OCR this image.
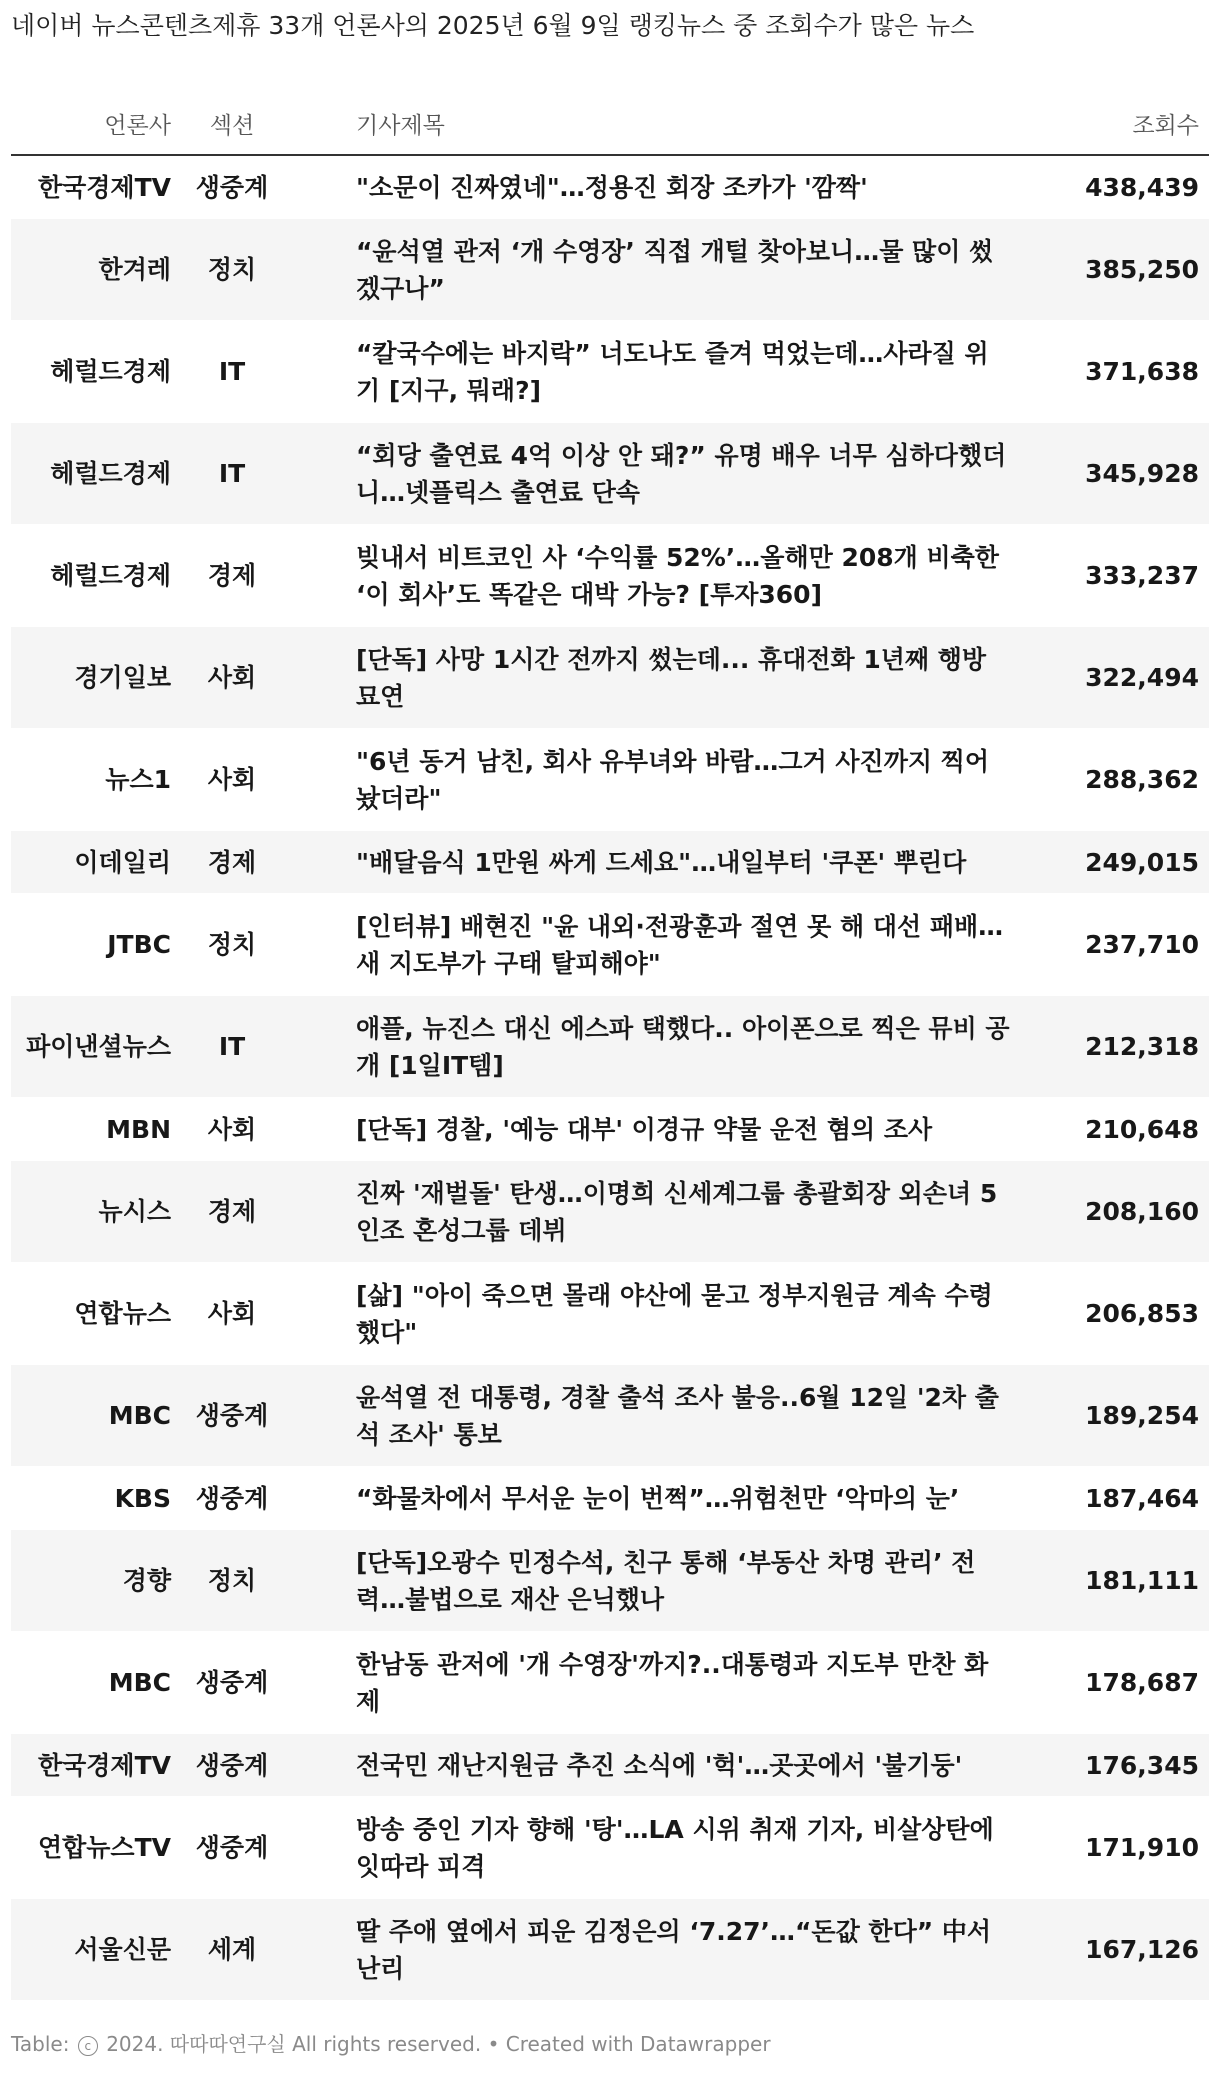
네이버 뉴스콘텐츠제휴 33개 언론사의 2025년 6월 9일 랭킹뉴스 중 조회수가 많은 뉴스
언론사	섹션		기사제목	조회수
한국경제TV	생중계		"소문이 진짜였네"…정용진 회장 조카가 '깜짝'	438,439
한겨레	정치		“윤석열 관저 ‘개 수영장’ 직접 개털 찾아보니…물 많이 썼겠구나”	385,250
헤럴드경제	IT		“칼국수에는 바지락” 너도나도 즐겨 먹었는데…사라질 위기 [지구, 뭐래?]	371,638
헤럴드경제	IT		“회당 출연료 4억 이상 안 돼?” 유명 배우 너무 심하다했더니…넷플릭스 출연료 단속	345,928
헤럴드경제	경제		빚내서 비트코인 사 ‘수익률 52%’…올해만 208개 비축한 ‘이 회사’도 똑같은 대박 가능? [투자360]	333,237
경기일보	사회		[단독] 사망 1시간 전까지 썼는데... 휴대전화 1년째 행방묘연	322,494
뉴스1	사회		"6년 동거 남친, 회사 유부녀와 바람…그거 사진까지 찍어놨더라"	288,362
이데일리	경제		"배달음식 1만원 싸게 드세요"…내일부터 '쿠폰' 뿌린다	249,015
JTBC	정치		[인터뷰] 배현진 "윤 내외·전광훈과 절연 못 해 대선 패배…새 지도부가 구태 탈피해야"	237,710
파이낸셜뉴스	IT		애플, 뉴진스 대신 에스파 택했다.. 아이폰으로 찍은 뮤비 공개 [1일IT템]	212,318
MBN	사회		[단독] 경찰, '예능 대부' 이경규 약물 운전 혐의 조사	210,648
뉴시스	경제		진짜 '재벌돌' 탄생…이명희 신세계그룹 총괄회장 외손녀 5인조 혼성그룹 데뷔	208,160
연합뉴스	사회		[삶] "아이 죽으면 몰래 야산에 묻고 정부지원금 계속 수령했다"	206,853
MBC	생중계		윤석열 전 대통령, 경찰 출석 조사 불응..6월 12일 '2차 출석 조사' 통보	189,254
KBS	생중계		“화물차에서 무서운 눈이 번쩍”…위험천만 ‘악마의 눈’	187,464
경향	정치		[단독]오광수 민정수석, 친구 통해 ‘부동산 차명 관리’ 전력…불법으로 재산 은닉했나	181,111
MBC	생중계		한남동 관저에 '개 수영장'까지?..대통령과 지도부 만찬 화제	178,687
한국경제TV	생중계		전국민 재난지원금 추진 소식에 '헉'…곳곳에서 '불기둥'	176,345
연합뉴스TV	생중계		방송 중인 기자 향해 '탕'…LA 시위 취재 기자, 비살상탄에 잇따라 피격	171,910
서울신문	세계		딸 주애 옆에서 피운 김정은의 ‘7.27’…“돈값 한다” 中서 난리	167,126
Table: c 2024. 따따따연구실 All rights reserved. • Created with Datawrapper
